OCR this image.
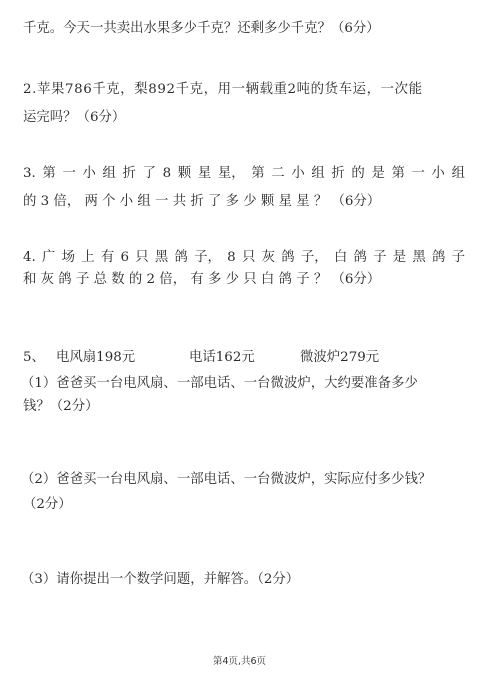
千克。今天一共卖出水果多少千克？还剩多少千克？（6分）
2.苹果786千克，梨892千克，用一辆载重2吨的货车运，一次能
运完吗？（6分）
3. 第 一 小 组 折 了 8 颗 星 星， 第 二 小 组 折 的 是 第 一 小 组
的 3 倍， 两 个 小 组 一 共 折 了 多 少 颗 星 星 ？ （6分）
4. 广 场 上 有 6 只 黑 鸽 子， 8 只 灰 鸽 子， 白 鸽 子 是 黑 鸽 子
和 灰 鸽 子 总 数 的 2 倍， 有 多 少 只 白 鸽 子 ？ （6分）
5、 电风扇198元	电话162元	微波炉279元
（1）爸爸买一台电风扇、一部电话、一台微波炉，大约要准备多少
钱？（2分）
（2）爸爸买一台电风扇、一部电话、一台微波炉，实际应付多少钱？
（2分）
（3）请你提出一个数学问题，并解答。（2分）
第4页,共6页
